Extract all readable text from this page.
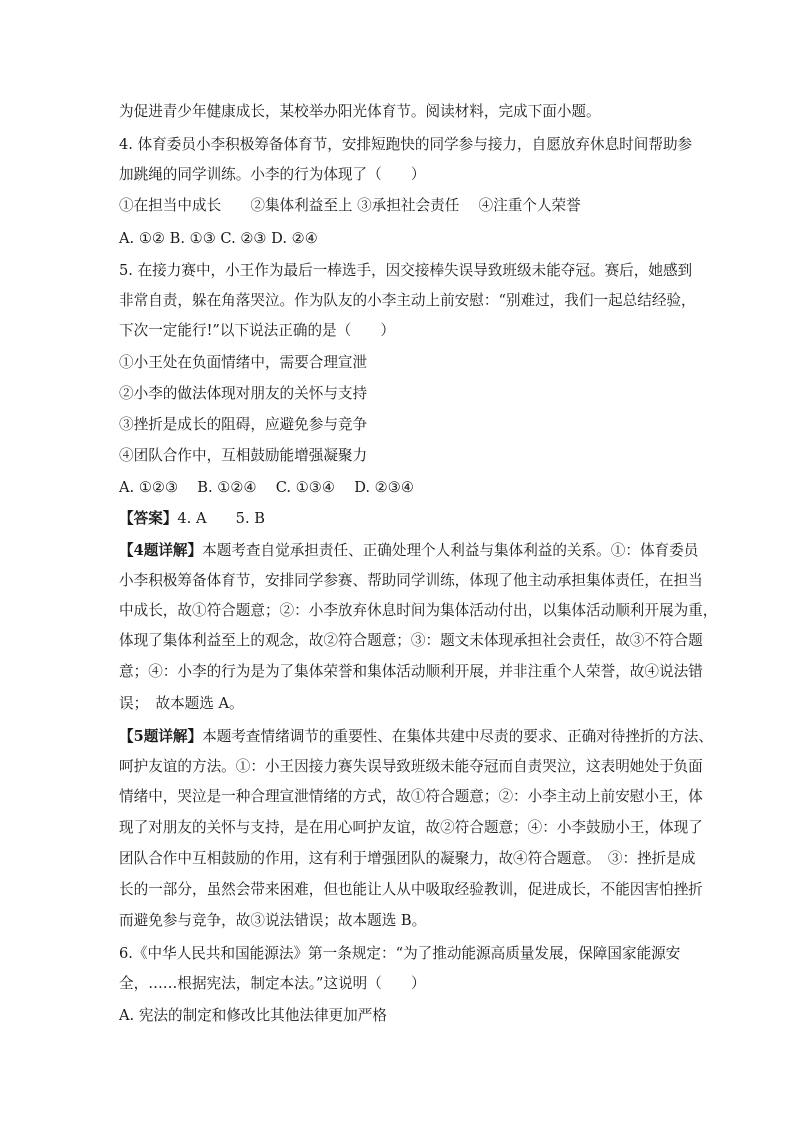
为促进青少年健康成长，某校举办阳光体育节。阅读材料，完成下面小题。
4. 体育委员小李积极筹备体育节，安排短跑快的同学参与接力，自愿放弃休息时间帮助参
加跳绳的同学训练。小李的行为体现了（　　）
①在担当中成长　　②集体利益至上 ③承担社会责任　 ④注重个人荣誉
A. ①② B. ①③ C. ②③ D. ②④
5. 在接力赛中，小王作为最后一棒选手，因交接棒失误导致班级未能夺冠。赛后，她感到
非常自责，躲在角落哭泣。作为队友的小李主动上前安慰：“别难过，我们一起总结经验，
下次一定能行!”以下说法正确的是（　　）
①小王处在负面情绪中，需要合理宣泄
②小李的做法体现对朋友的关怀与支持
③挫折是成长的阻碍，应避免参与竞争
④团队合作中，互相鼓励能增强凝聚力
A. ①②③　 B. ①②④　 C. ①③④　 D. ②③④
【答案】4. A　　5. B
【4题详解】本题考查自觉承担责任、正确处理个人利益与集体利益的关系。①：体育委员
小李积极筹备体育节，安排同学参赛、帮助同学训练，体现了他主动承担集体责任，在担当
中成长，故①符合题意；②：小李放弃休息时间为集体活动付出，以集体活动顺利开展为重，
体现了集体利益至上的观念，故②符合题意；③：题文未体现承担社会责任，故③不符合题
意；④：小李的行为是为了集体荣誉和集体活动顺利开展，并非注重个人荣誉，故④说法错
误；　故本题选 A。
【5题详解】本题考查情绪调节的重要性、在集体共建中尽责的要求、正确对待挫折的方法、
呵护友谊的方法。①：小王因接力赛失误导致班级未能夺冠而自责哭泣，这表明她处于负面
情绪中，哭泣是一种合理宣泄情绪的方式，故①符合题意；②：小李主动上前安慰小王，体
现了对朋友的关怀与支持，是在用心呵护友谊，故②符合题意；④：小李鼓励小王，体现了
团队合作中互相鼓励的作用，这有利于增强团队的凝聚力，故④符合题意。　③：挫折是成
长的一部分，虽然会带来困难，但也能让人从中吸取经验教训，促进成长，不能因害怕挫折
而避免参与竞争，故③说法错误；故本题选 B。
6.《中华人民共和国能源法》第一条规定：“为了推动能源高质量发展，保障国家能源安
全，……根据宪法，制定本法。”这说明（　　）
A. 宪法的制定和修改比其他法律更加严格
